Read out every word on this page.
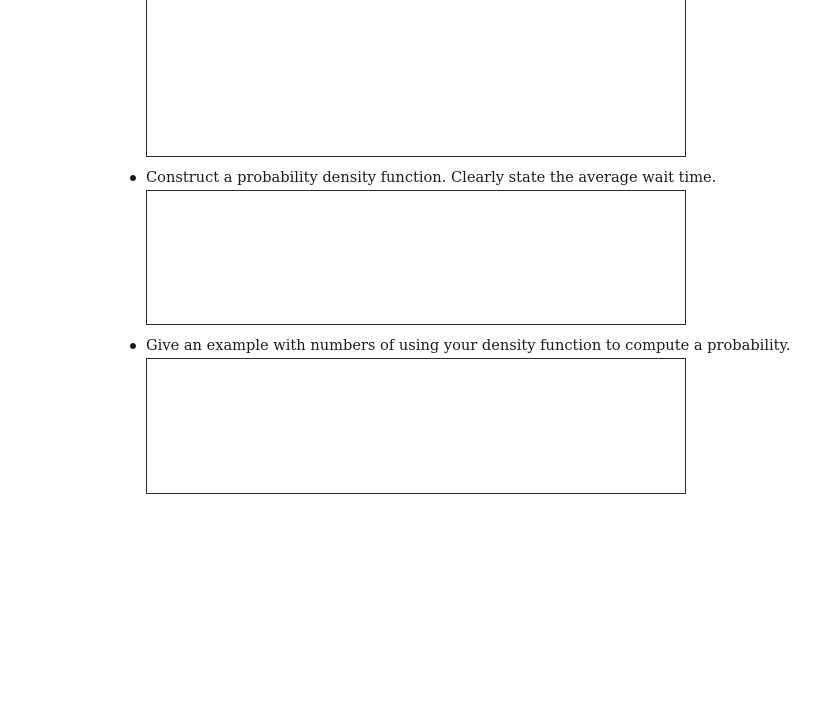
Construct a probability density function. Clearly state the average wait time.
Give an example with numbers of using your density function to compute a probability.
